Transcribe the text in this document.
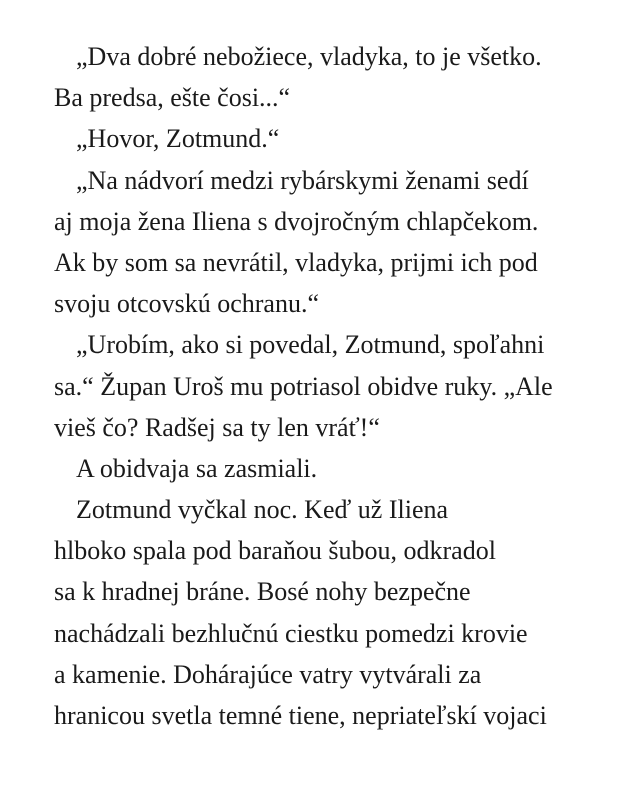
„Dva dobré nebožiece, vladyka, to je všetko.
Ba predsa, ešte čosi...“
„Hovor, Zotmund.“
„Na nádvorí medzi rybárskymi ženami sedí
aj moja žena Iliena s dvojročným chlapčekom.
Ak by som sa nevrátil, vladyka, prijmi ich pod
svoju otcovskú ochranu.“
„Urobím, ako si povedal, Zotmund, spoľahni
sa.“ Župan Uroš mu potriasol obidve ruky. „Ale
vieš čo? Radšej sa ty len vráť!“
A obidvaja sa zasmiali.
Zotmund vyčkal noc. Keď už Iliena
hlboko spala pod baraňou šubou, odkradol
sa k hradnej bráne. Bosé nohy bezpečne
nachádzali bezhlučnú ciestku pomedzi krovie
a kamenie. Dohárajúce vatry vytvárali za
hranicou svetla temné tiene, nepriateľskí vojaci
